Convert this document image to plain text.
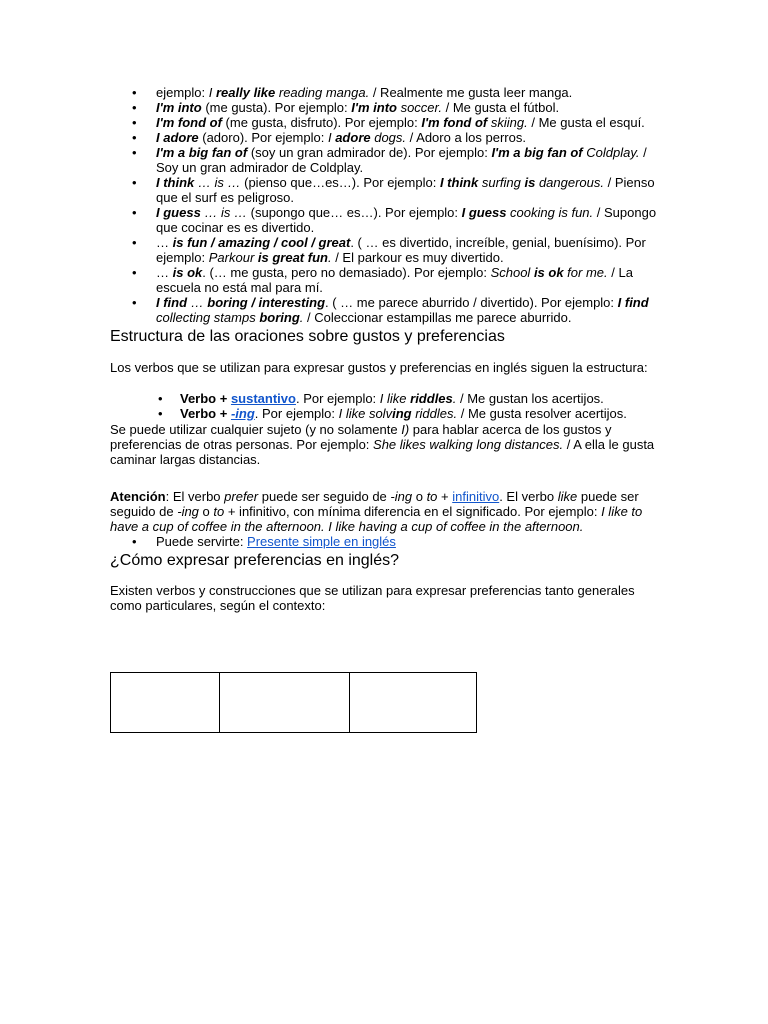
• ejemplo: I really like reading manga. / Realmente me gusta leer manga.
• I'm into (me gusta). Por ejemplo: I'm into soccer. / Me gusta el fútbol.
• I'm fond of (me gusta, disfruto). Por ejemplo: I'm fond of skiing. / Me gusta el esquí.
• I adore (adoro). Por ejemplo: I adore dogs. / Adoro a los perros.
• I'm a big fan of (soy un gran admirador de). Por ejemplo: I'm a big fan of Coldplay. / Soy un gran admirador de Coldplay.
• I think … is … (pienso que…es…). Por ejemplo: I think surfing is dangerous. / Pienso que el surf es peligroso.
• I guess … is … (supongo que… es…). Por ejemplo: I guess cooking is fun. / Supongo que cocinar es es divertido.
• … is fun / amazing / cool / great. ( … es divertido, increíble, genial, buenísimo). Por ejemplo: Parkour is great fun. / El parkour es muy divertido.
• … is ok. (… me gusta, pero no demasiado). Por ejemplo: School is ok for me. / La escuela no está mal para mí.
• I find … boring / interesting. ( … me parece aburrido / divertido). Por ejemplo: I find collecting stamps boring. / Coleccionar estampillas me parece aburrido.
Estructura de las oraciones sobre gustos y preferencias

Los verbos que se utilizan para expresar gustos y preferencias en inglés siguen la estructura:

• Verbo + sustantivo. Por ejemplo: I like riddles. / Me gustan los acertijos.
• Verbo + -ing. Por ejemplo: I like solving riddles. / Me gusta resolver acertijos.

Se puede utilizar cualquier sujeto (y no solamente I) para hablar acerca de los gustos y preferencias de otras personas. Por ejemplo: She likes walking long distances. / A ella le gusta caminar largas distancias.

Atención: El verbo prefer puede ser seguido de -ing o to + infinitivo. El verbo like puede ser seguido de -ing o to + infinitivo, con mínima diferencia en el significado. Por ejemplo: I like to have a cup of coffee in the afternoon. I like having a cup of coffee in the afternoon.

• Puede servirte: Presente simple en inglés
¿Cómo expresar preferencias en inglés?

Existen verbos y construcciones que se utilizan para expresar preferencias tanto generales como particulares, según el contexto:
